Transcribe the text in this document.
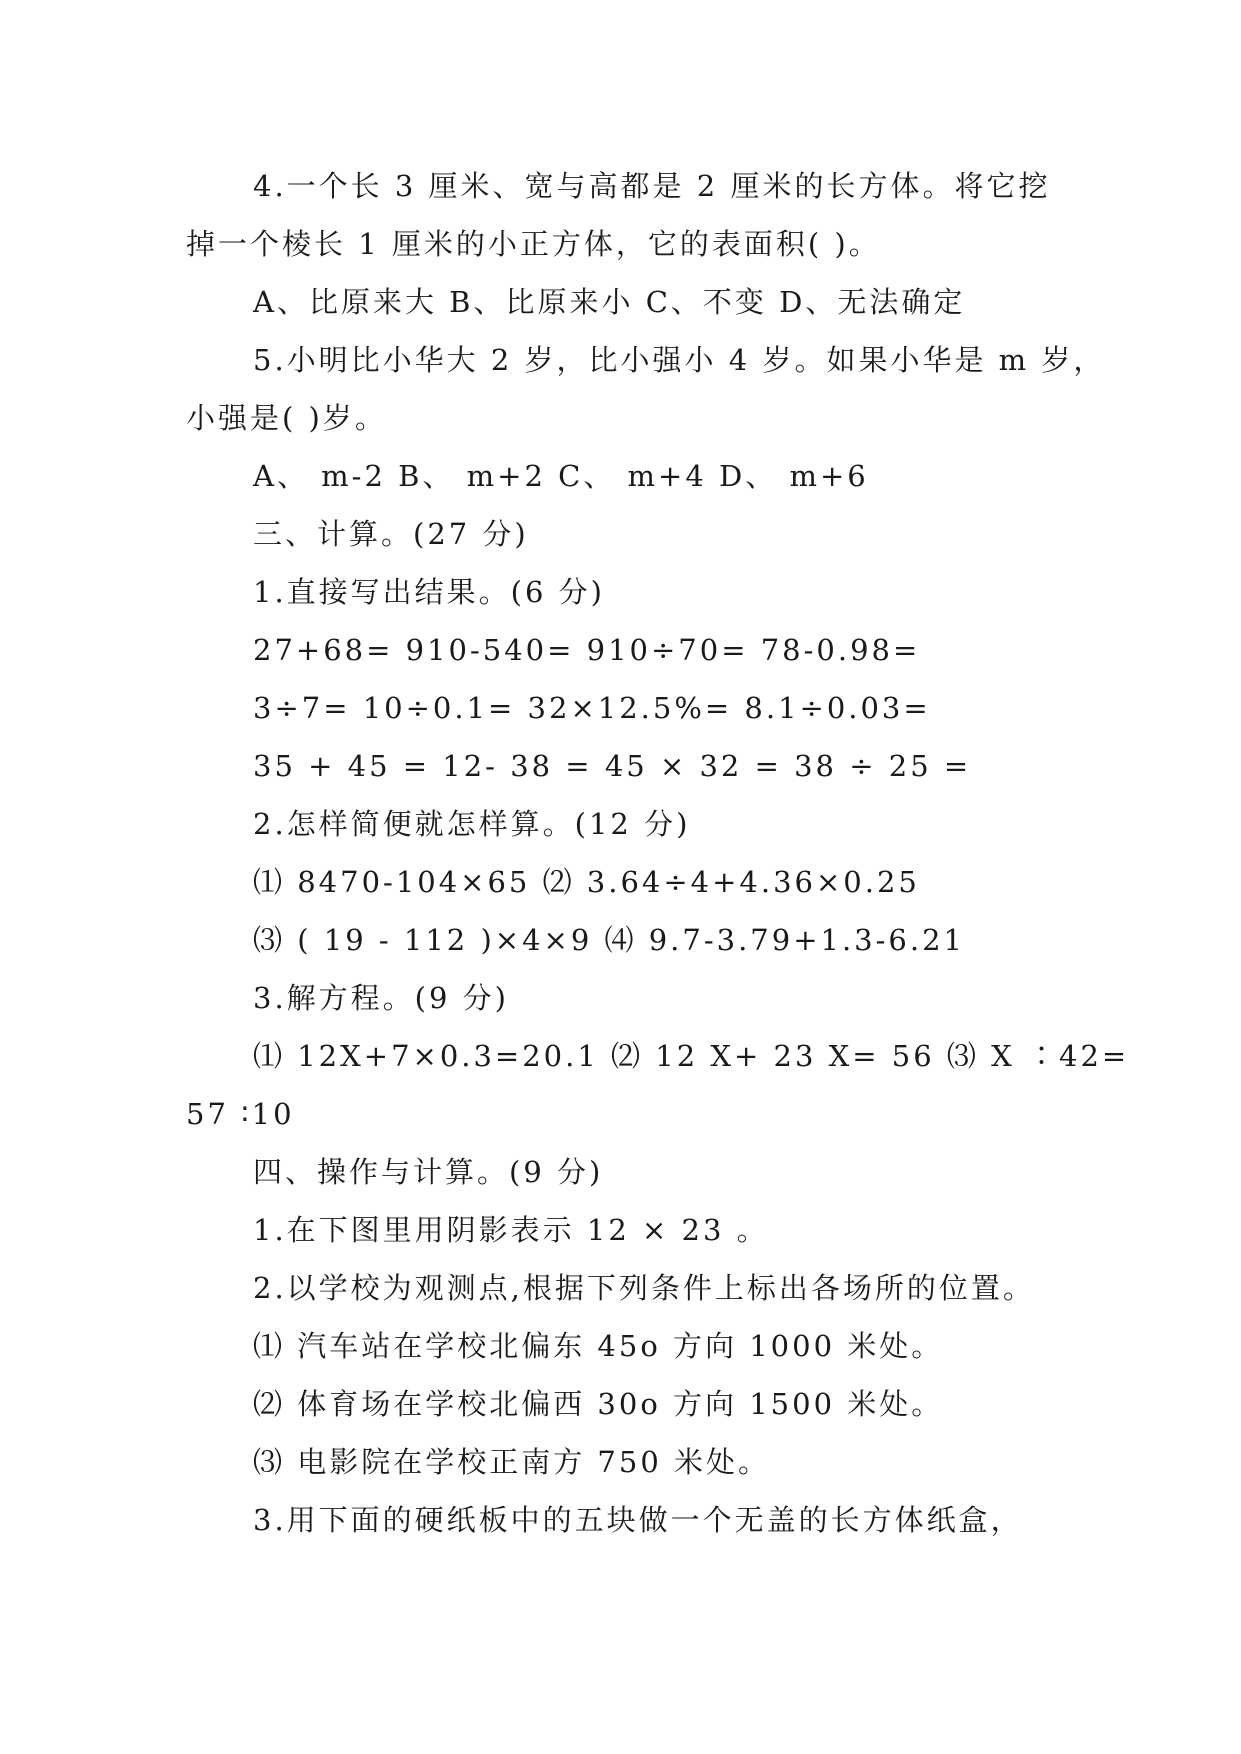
4.一个长 3 厘米、宽与高都是 2 厘米的长方体。将它挖
掉一个棱长 1 厘米的小正方体，它的表面积( )。
A、比原来大 B、比原来小 C、不变 D、无法确定
5.小明比小华大 2 岁，比小强小 4 岁。如果小华是 m 岁，
小强是( )岁。
A、 m-2 B、 m+2 C、 m+4 D、 m+6
三、计算。(27 分)
1.直接写出结果。(6 分)
27+68= 910-540= 910÷70= 78-0.98=
3÷7= 10÷0.1= 32×12.5%= 8.1÷0.03=
35 + 45 = 12- 38 = 45 × 32 = 38 ÷ 25 =
2.怎样简便就怎样算。(12 分)
⑴ 8470-104×65 ⑵ 3.64÷4+4.36×0.25
⑶ ( 19 - 112 )×4×9 ⑷ 9.7-3.79+1.3-6.21
3.解方程。(9 分)
⑴ 12X+7×0.3=20.1 ⑵ 12 X+ 23 X= 56 ⑶ X ∶42=
57 ∶10
四、操作与计算。(9 分)
1.在下图里用阴影表示 12 × 23 。
2.以学校为观测点,根据下列条件上标出各场所的位置。
⑴ 汽车站在学校北偏东 45o 方向 1000 米处。
⑵ 体育场在学校北偏西 30o 方向 1500 米处。
⑶ 电影院在学校正南方 750 米处。
3.用下面的硬纸板中的五块做一个无盖的长方体纸盒，
